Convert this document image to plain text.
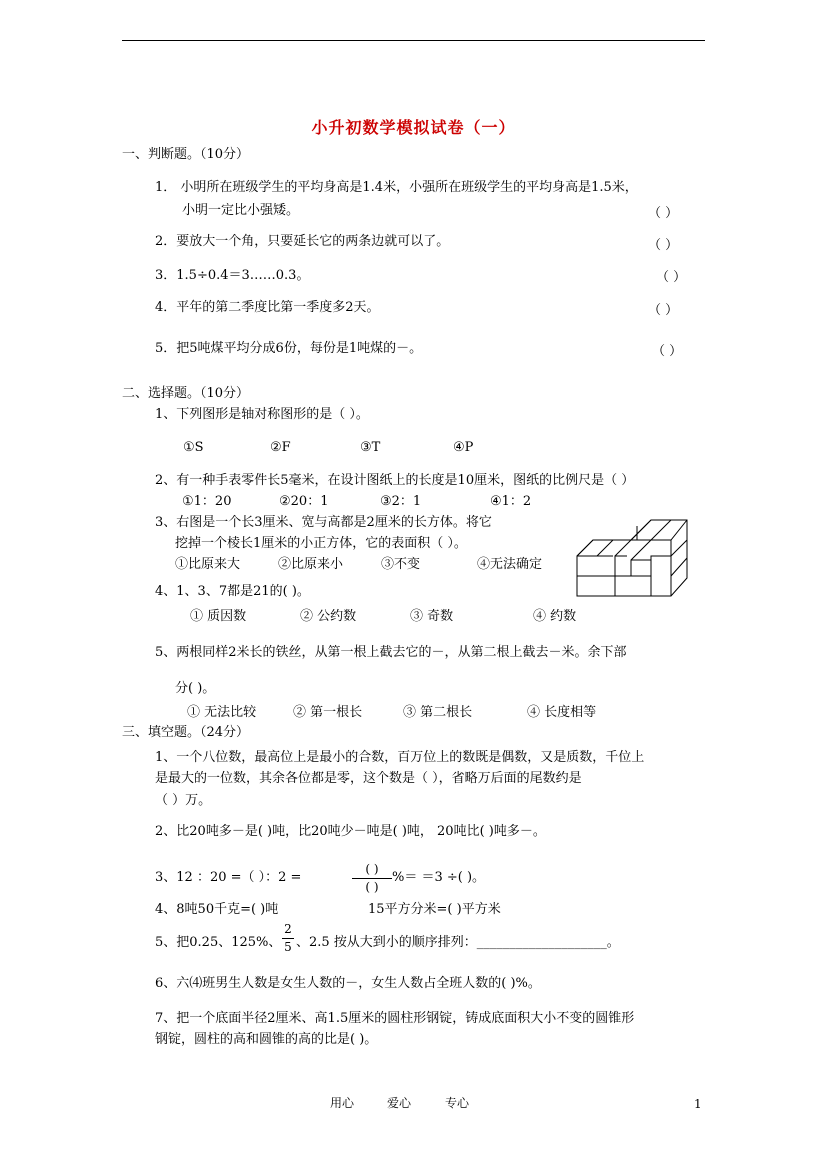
小升初数学模拟试卷（一）
一、判断题。（10分）
1． 小明所在班级学生的平均身高是1.4米，小强所在班级学生的平均身高是1.5米，
小明一定比小强矮。	（ ）
2．要放大一个角，只要延长它的两条边就可以了。	（ ）
3．1.5÷0.4＝3……0.3。	（ ）
4．平年的第二季度比第一季度多2天。	（ ）
5．把5吨煤平均分成6份，每份是1吨煤的－。	（ ）
二、选择题。（10分）
1、下列图形是轴对称图形的是（ ）。
①S	②F	③T	④P
2、有一种手表零件长5毫米，在设计图纸上的长度是10厘米，图纸的比例尺是（ ）
①1：20	②20：1	③2：1	④1：2
3、右图是一个长3厘米、宽与高都是2厘米的长方体。将它
挖掉一个棱长1厘米的小正方体，它的表面积（ ）。
①比原来大	②比原来小	③不变	④无法确定
4、1、3、7都是21的( )。
① 质因数	② 公约数	③ 奇数	④ 约数
5、两根同样2米长的铁丝，从第一根上截去它的－，从第二根上截去－米。余下部
分( )。
① 无法比较	② 第一根长	③ 第二根长	④ 长度相等
三、填空题。（24分）
1、一个八位数，最高位上是最小的合数，百万位上的数既是偶数，又是质数，千位上
是最大的一位数，其余各位都是零，这个数是（ ），省略万后面的尾数约是
（ ）万。
2、比20吨多－是( )吨，比20吨少－吨是( )吨， 20吨比( )吨多－。
3、12 ：20 =（ ）：2 =
( )
( )
%＝ ＝3 ÷( )。
4、8吨50千克=( )吨	15平方分米=( )平方米
5、把0.25、125%、
2
5 、2.5 按从大到小的顺序排列：____________________。
6、六⑷班男生人数是女生人数的－，女生人数占全班人数的( )%。
7、把一个底面半径2厘米、高1.5厘米的圆柱形钢锭，铸成底面积大小不变的圆锥形
钢锭，圆柱的高和圆锥的高的比是( )。
用心	爱心	专心	1
